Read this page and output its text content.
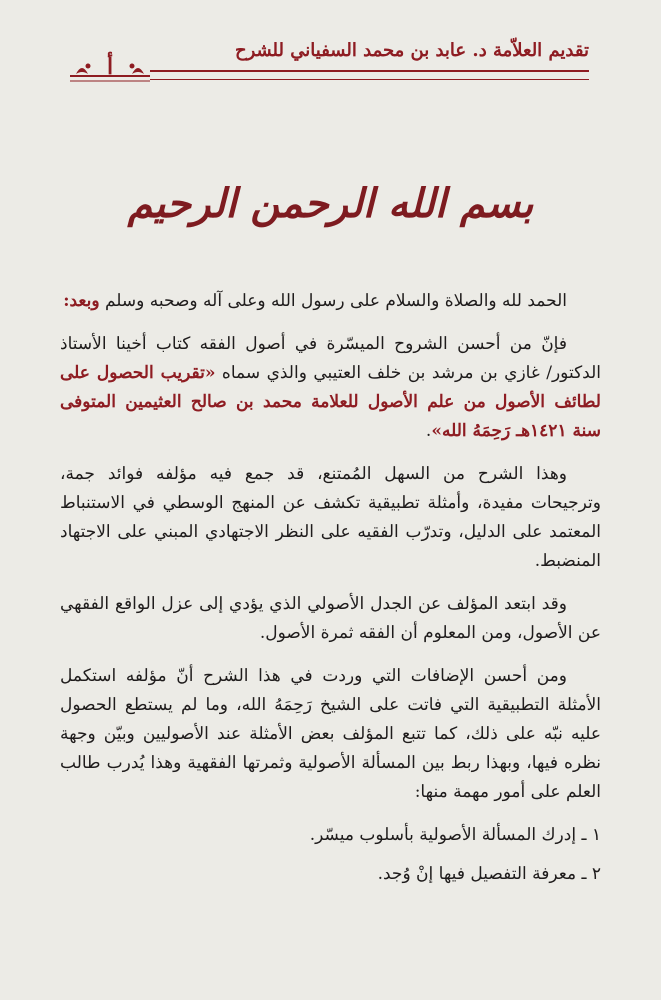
تقديم العلاّمة د. عابد بن محمد السفياني للشرح
أ
بسم الله الرحمن الرحيم

الحمد لله والصلاة والسلام على رسول الله وعلى آله وصحبه وسلم وبعد:

فإنّ من أحسن الشروح الميسّرة في أصول الفقه كتاب أخينا الأستاذ الدكتور/ غازي بن مرشد بن خلف العتيبي والذي سماه «تقريب الحصول على لطائف الأصول من علم الأصول للعلامة محمد بن صالح العثيمين المتوفى سنة ١٤٢١هـ رَحِمَهُ الله».

وهذا الشرح من السهل المُمتنع، قد جمع فيه مؤلفه فوائد جمة، وترجيحات مفيدة، وأمثلة تطبيقية تكشف عن المنهج الوسطي في الاستنباط المعتمد على الدليل، وتدرّب الفقيه على النظر الاجتهادي المبني على الاجتهاد المنضبط.

وقد ابتعد المؤلف عن الجدل الأصولي الذي يؤدي إلى عزل الواقع الفقهي عن الأصول، ومن المعلوم أن الفقه ثمرة الأصول.

ومن أحسن الإضافات التي وردت في هذا الشرح أنّ مؤلفه استكمل الأمثلة التطبيقية التي فاتت على الشيخ رَحِمَهُ الله، وما لم يستطع الحصول عليه نبّه على ذلك، كما تتبع المؤلف بعض الأمثلة عند الأصوليين وبيّن وجهة نظره فيها، وبهذا ربط بين المسألة الأصولية وثمرتها الفقهية وهذا يُدرب طالب العلم على أمور مهمة منها:

١ ـ إدرك المسألة الأصولية بأسلوب ميسّر.
٢ ـ معرفة التفصيل فيها إنْ وُجد.
